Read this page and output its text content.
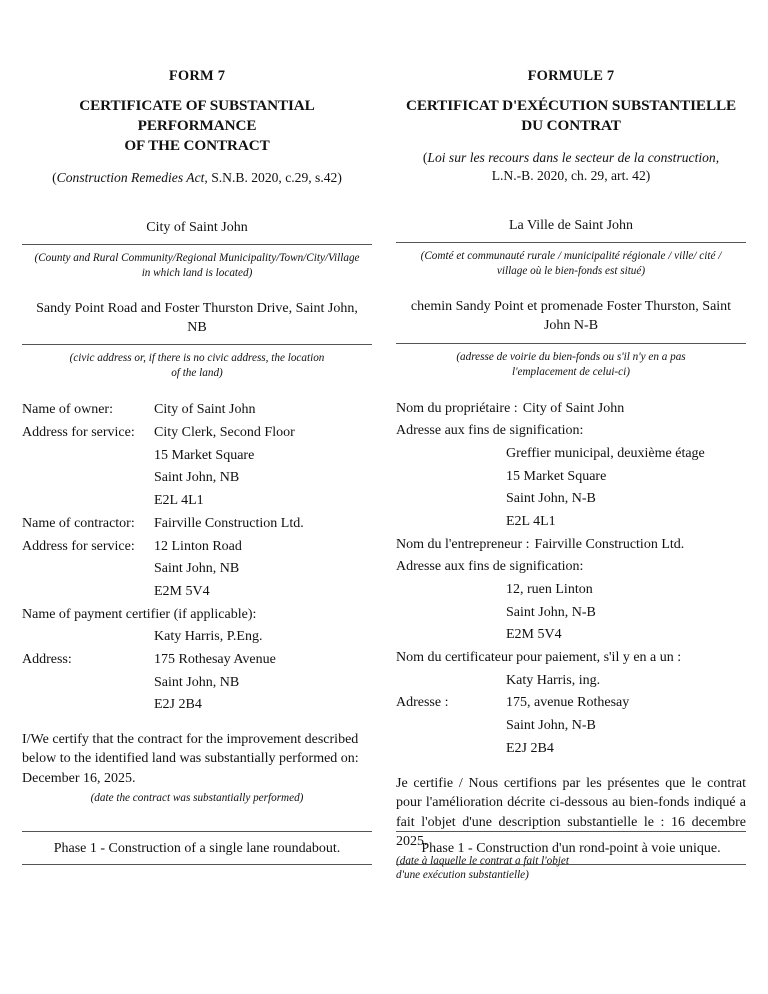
FORM 7
CERTIFICATE OF SUBSTANTIAL PERFORMANCE
OF THE CONTRACT
(Construction Remedies Act, S.N.B. 2020, c.29, s.42)
City of Saint John
(County and Rural Community/Regional Municipality/Town/City/Village
in which land is located)
Sandy Point Road and Foster Thurston Drive, Saint John,
NB
(civic address or, if there is no civic address, the location
of the land)
Name of owner:	City of Saint John
Address for service:	City Clerk, Second Floor
15 Market Square
Saint John, NB
E2L 4L1
Name of contractor:	Fairville Construction Ltd.
Address for service:	12 Linton Road
Saint John, NB
E2M 5V4
Name of payment certifier (if applicable):
Katy Harris, P.Eng.
Address:	175 Rothesay Avenue
Saint John, NB
E2J 2B4

I/We certify that the contract for the improvement described below to the identified land was substantially performed on: December 16, 2025.

(date the contract was substantially performed)

FORMULE 7
CERTIFICAT D'EXÉCUTION SUBSTANTIELLE
DU CONTRAT
(Loi sur les recours dans le secteur de la construction,
L.N.-B. 2020, ch. 29, art. 42)
La Ville de Saint John
(Comté et communauté rurale / municipalité régionale / ville/ cité /
village où le bien-fonds est situé)
chemin Sandy Point et promenade Foster Thurston, Saint
John N-B
(adresse de voirie du bien-fonds ou s'il n'y en a pas
l'emplacement de celui-ci)
Nom du propriétaire : City of Saint John
Adresse aux fins de signification:
Greffier municipal, deuxième étage
15 Market Square
Saint John, N-B
E2L 4L1
Nom du l'entrepreneur : Fairville Construction Ltd.
Adresse aux fins de signification:
12, ruen Linton
Saint John, N-B
E2M 5V4
Nom du certificateur pour paiement, s'il y en a un :
Katy Harris, ing.
Adresse :	175, avenue Rothesay
Saint John, N-B
E2J 2B4

Je certifie / Nous certifions par les présentes que le contrat pour l'amélioration décrite ci-dessous au bien-fonds indiqué a fait l'objet d'une description substantielle le : 16 decembre 2025.

(date à laquelle le contrat a fait l'objet
d'une exécution substantielle)

Phase 1 - Construction of a single lane roundabout.	Phase 1 - Construction d'un rond-point à voie unique.
